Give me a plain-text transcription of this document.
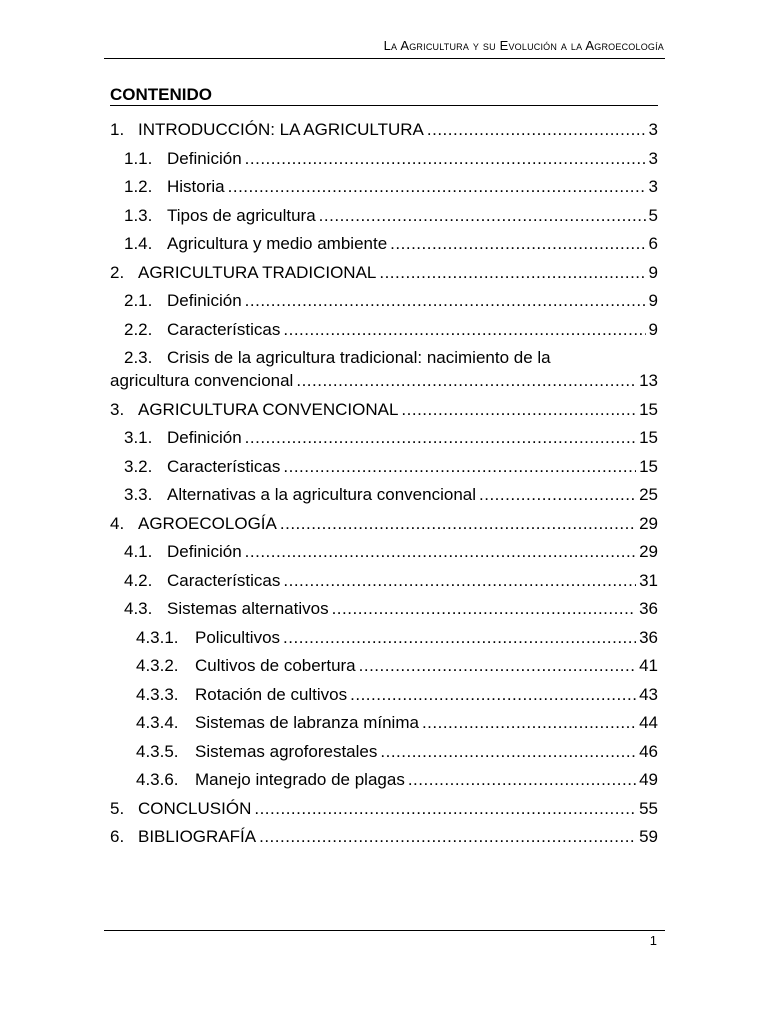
La Agricultura y su Evolución a la Agroecología
CONTENIDO
1. INTRODUCCIÓN: LA AGRICULTURA .....	3
1.1. Definición .....	3
1.2. Historia .....	3
1.3. Tipos de agricultura .....	5
1.4. Agricultura y medio ambiente .....	6
2. AGRICULTURA TRADICIONAL .....	9
2.1. Definición .....	9
2.2. Características .....	9
2.3. Crisis de la agricultura tradicional: nacimiento de la
agricultura convencional .....	13
3. AGRICULTURA CONVENCIONAL .....	15
3.1. Definición .....	15
3.2. Características .....	15
3.3. Alternativas a la agricultura convencional .....	25
4. AGROECOLOGÍA .....	29
4.1. Definición .....	29
4.2. Características .....	31
4.3. Sistemas alternativos .....	36
4.3.1. Policultivos .....	36
4.3.2. Cultivos de cobertura .....	41
4.3.3. Rotación de cultivos .....	43
4.3.4. Sistemas de labranza mínima .....	44
4.3.5. Sistemas agroforestales .....	46
4.3.6. Manejo integrado de plagas .....	49
5. CONCLUSIÓN .....	55
6. BIBLIOGRAFÍA .....	59
1
